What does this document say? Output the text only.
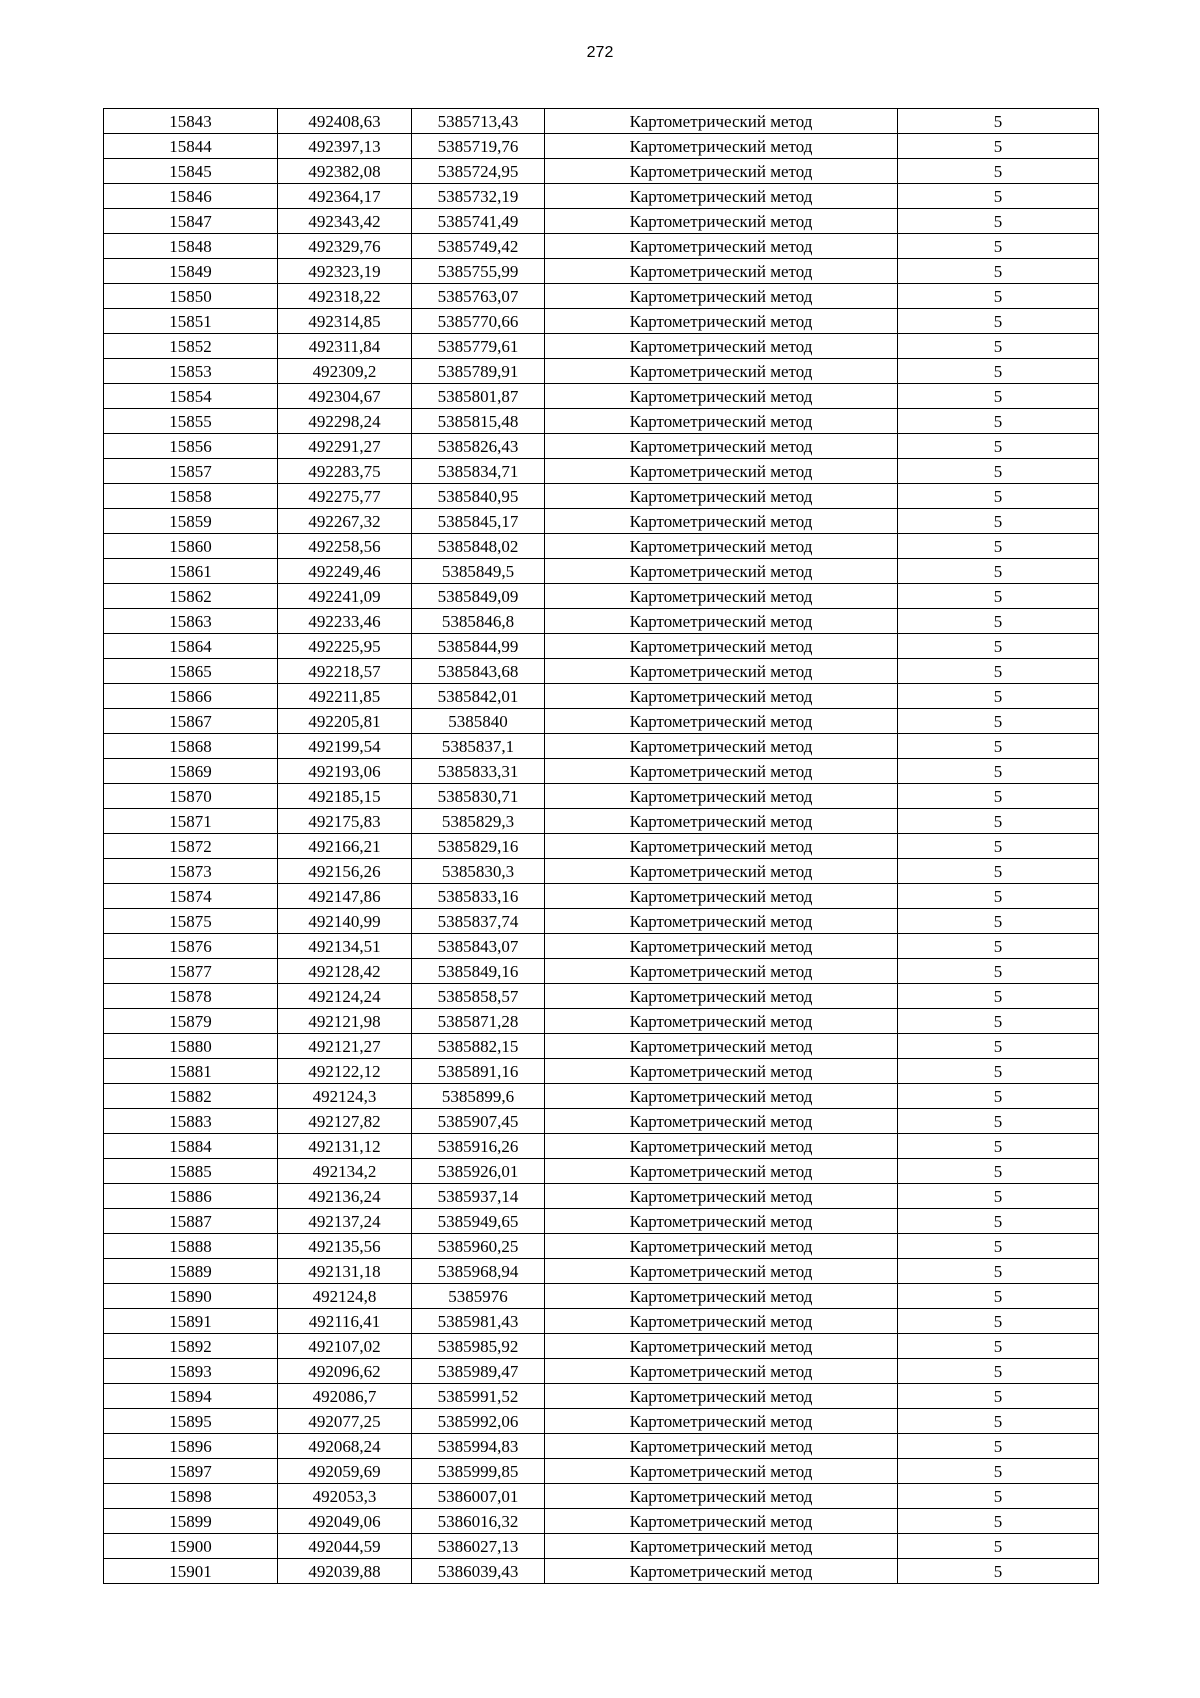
272
15843	492408,63	5385713,43	Картометрический метод	5
15844	492397,13	5385719,76	Картометрический метод	5
15845	492382,08	5385724,95	Картометрический метод	5
15846	492364,17	5385732,19	Картометрический метод	5
15847	492343,42	5385741,49	Картометрический метод	5
15848	492329,76	5385749,42	Картометрический метод	5
15849	492323,19	5385755,99	Картометрический метод	5
15850	492318,22	5385763,07	Картометрический метод	5
15851	492314,85	5385770,66	Картометрический метод	5
15852	492311,84	5385779,61	Картометрический метод	5
15853	492309,2	5385789,91	Картометрический метод	5
15854	492304,67	5385801,87	Картометрический метод	5
15855	492298,24	5385815,48	Картометрический метод	5
15856	492291,27	5385826,43	Картометрический метод	5
15857	492283,75	5385834,71	Картометрический метод	5
15858	492275,77	5385840,95	Картометрический метод	5
15859	492267,32	5385845,17	Картометрический метод	5
15860	492258,56	5385848,02	Картометрический метод	5
15861	492249,46	5385849,5	Картометрический метод	5
15862	492241,09	5385849,09	Картометрический метод	5
15863	492233,46	5385846,8	Картометрический метод	5
15864	492225,95	5385844,99	Картометрический метод	5
15865	492218,57	5385843,68	Картометрический метод	5
15866	492211,85	5385842,01	Картометрический метод	5
15867	492205,81	5385840	Картометрический метод	5
15868	492199,54	5385837,1	Картометрический метод	5
15869	492193,06	5385833,31	Картометрический метод	5
15870	492185,15	5385830,71	Картометрический метод	5
15871	492175,83	5385829,3	Картометрический метод	5
15872	492166,21	5385829,16	Картометрический метод	5
15873	492156,26	5385830,3	Картометрический метод	5
15874	492147,86	5385833,16	Картометрический метод	5
15875	492140,99	5385837,74	Картометрический метод	5
15876	492134,51	5385843,07	Картометрический метод	5
15877	492128,42	5385849,16	Картометрический метод	5
15878	492124,24	5385858,57	Картометрический метод	5
15879	492121,98	5385871,28	Картометрический метод	5
15880	492121,27	5385882,15	Картометрический метод	5
15881	492122,12	5385891,16	Картометрический метод	5
15882	492124,3	5385899,6	Картометрический метод	5
15883	492127,82	5385907,45	Картометрический метод	5
15884	492131,12	5385916,26	Картометрический метод	5
15885	492134,2	5385926,01	Картометрический метод	5
15886	492136,24	5385937,14	Картометрический метод	5
15887	492137,24	5385949,65	Картометрический метод	5
15888	492135,56	5385960,25	Картометрический метод	5
15889	492131,18	5385968,94	Картометрический метод	5
15890	492124,8	5385976	Картометрический метод	5
15891	492116,41	5385981,43	Картометрический метод	5
15892	492107,02	5385985,92	Картометрический метод	5
15893	492096,62	5385989,47	Картометрический метод	5
15894	492086,7	5385991,52	Картометрический метод	5
15895	492077,25	5385992,06	Картометрический метод	5
15896	492068,24	5385994,83	Картометрический метод	5
15897	492059,69	5385999,85	Картометрический метод	5
15898	492053,3	5386007,01	Картометрический метод	5
15899	492049,06	5386016,32	Картометрический метод	5
15900	492044,59	5386027,13	Картометрический метод	5
15901	492039,88	5386039,43	Картометрический метод	5
